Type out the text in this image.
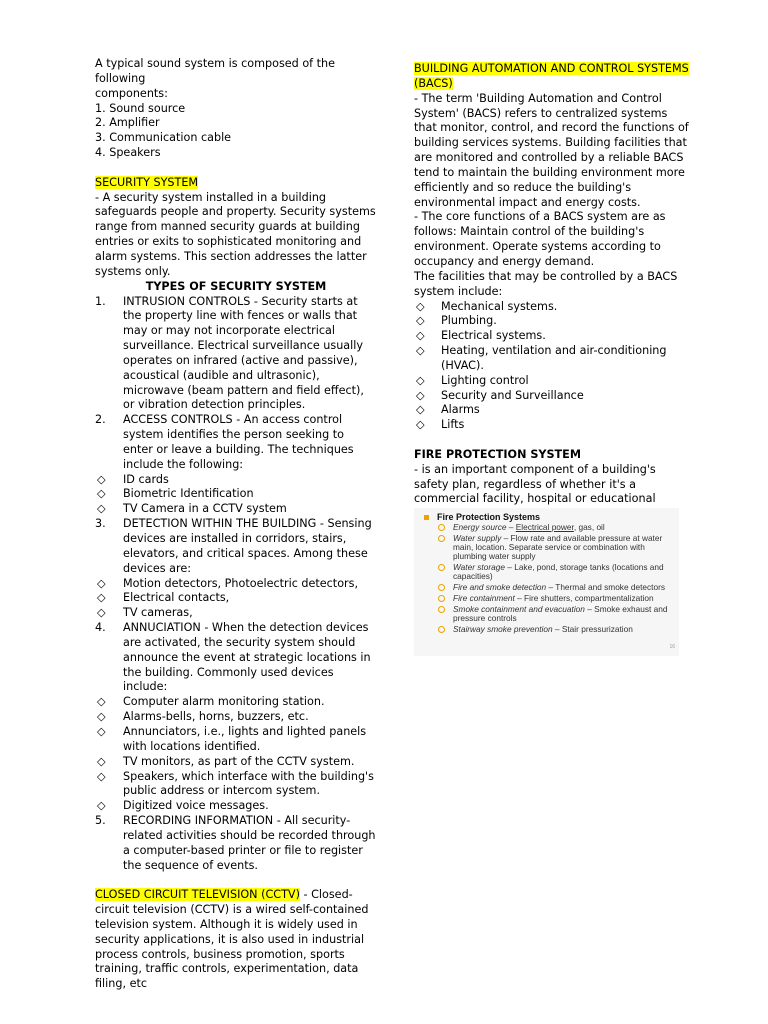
A typical sound system is composed of the following

components:

1. Sound source

2. Amplifier

3. Communication cable

4. Speakers

SECURITY SYSTEM

- A security system installed in a building safeguards people and property. Security systems range from manned security guards at building entries or exits to sophisticated monitoring and alarm systems. This section addresses the latter systems only.

TYPES OF SECURITY SYSTEM

1. INTRUSION CONTROLS - Security starts at the property line with fences or walls that may or may not incorporate electrical surveillance. Electrical surveillance usually operates on infrared (active and passive), acoustical (audible and ultrasonic), microwave (beam pattern and field effect), or vibration detection principles.
2. ACCESS CONTROLS - An access control system identifies the person seeking to enter or leave a building. The techniques include the following:
◇ ID cards
◇ Biometric Identification
◇ TV Camera in a CCTV system
3. DETECTION WITHIN THE BUILDING - Sensing devices are installed in corridors, stairs, elevators, and critical spaces. Among these devices are:
◇ Motion detectors, Photoelectric detectors,
◇ Electrical contacts,
◇ TV cameras,
4. ANNUCIATION - When the detection devices are activated, the security system should announce the event at strategic locations in the building. Commonly used devices include:
◇ Computer alarm monitoring station.
◇ Alarms-bells, horns, buzzers, etc.
◇ Annunciators, i.e., lights and lighted panels with locations identified.
◇ TV monitors, as part of the CCTV system.
◇ Speakers, which interface with the building's public address or intercom system.
◇ Digitized voice messages.
5. RECORDING INFORMATION - All security-related activities should be recorded through a computer-based printer or file to register the sequence of events.

CLOSED CIRCUIT TELEVISION (CCTV) - Closed-circuit television (CCTV) is a wired self-contained television system. Although it is widely used in security applications, it is also used in industrial process controls, business promotion, sports training, traffic controls, experimentation, data filing, etc

BUILDING AUTOMATION AND CONTROL SYSTEMS (BACS)

- The term 'Building Automation and Control System' (BACS) refers to centralized systems that monitor, control, and record the functions of building services systems. Building facilities that are monitored and controlled by a reliable BACS tend to maintain the building environment more efficiently and so reduce the building's environmental impact and energy costs.

- The core functions of a BACS system are as follows: Maintain control of the building's environment. Operate systems according to occupancy and energy demand.

The facilities that may be controlled by a BACS system include:

◇ Mechanical systems.
◇ Plumbing.
◇ Electrical systems.
◇ Heating, ventilation and air-conditioning (HVAC).
◇ Lighting control
◇ Security and Surveillance
◇ Alarms
◇ Lifts

FIRE PROTECTION SYSTEM

- is an important component of a building's safety plan, regardless of whether it's a commercial facility, hospital or educational

Fire Protection Systems
Energy source – Electrical power, gas, oil
Water supply – Flow rate and available pressure at water main, location. Separate service or combination with plumbing water supply
Water storage – Lake, pond, storage tanks (locations and capacities)
Fire and smoke detection – Thermal and smoke detectors
Fire containment – Fire shutters, compartmentalization
Smoke containment and evacuation – Smoke exhaust and pressure controls
Stairway smoke prevention – Stair pressurization
16
